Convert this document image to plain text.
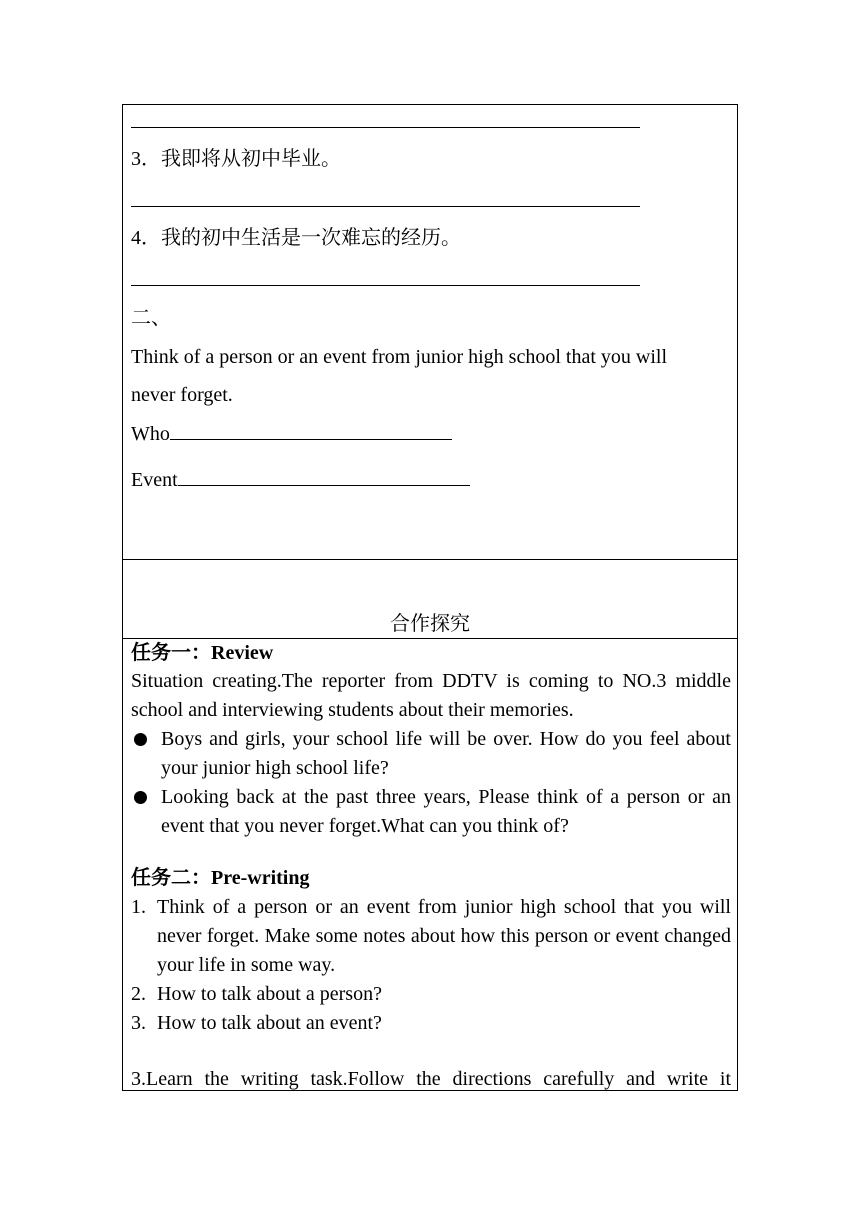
3．我即将从初中毕业。
4．我的初中生活是一次难忘的经历。
二、
Think of a person or an event from junior high school that you will
never forget.
Who
Event
合作探究
任务一：Review
Situation creating.The reporter from DDTV is coming to NO.3 middle school and interviewing students about their memories.
Boys and girls, your school life will be over. How do you feel about your junior high school life?
Looking back at the past three years, Please think of a person or an event that you never forget.What can you think of?
任务二：Pre-writing
1. Think of a person or an event from junior high school that you will never forget. Make some notes about how this person or event changed your life in some way.
2. How to talk about a person?
3. How to talk about an event?
3.Learn the writing task.Follow the directions carefully and write it
